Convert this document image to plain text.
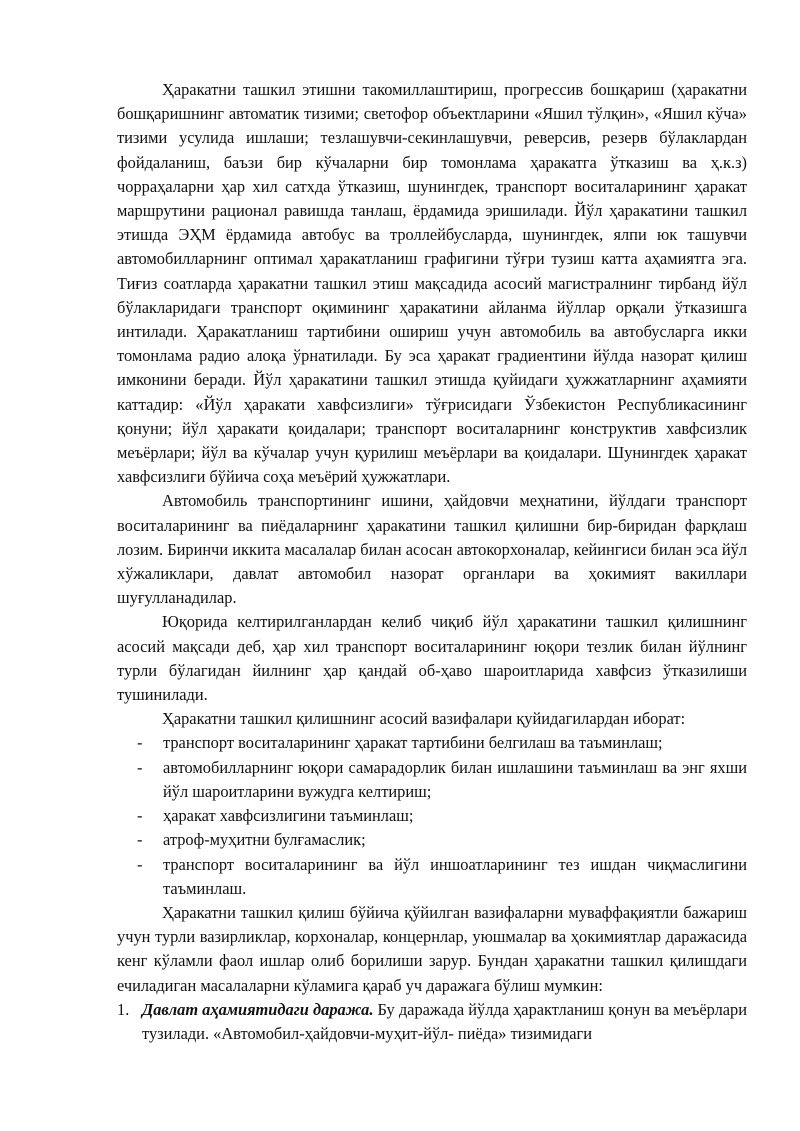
Ҳаракатни ташкил этишни такомиллаштириш, прогрессив бошқариш (ҳаракатни бошқаришнинг автоматик тизими; светофор объектларини «Яшил тўлқин», «Яшил кўча» тизими усулида ишлаши; тезлашувчи-секинлашувчи, реверсив, резерв бўлаклардан фойдаланиш, баъзи бир кўчаларни бир томонлама ҳаракатга ўтказиш ва ҳ.к.з) чорраҳаларни ҳар хил сатхда ўтказиш, шунингдек, транспорт воситаларининг ҳаракат маршрутини рационал равишда танлаш, ёрдамида эришилади. Йўл ҳаракатини ташкил этишда ЭҲМ ёрдамида автобус ва троллейбусларда, шунингдек, ялпи юк ташувчи автомобилларнинг оптимал ҳаракатланиш графигини тўғри тузиш катта аҳамиятга эга. Тиғиз соатларда ҳаракатни ташкил этиш мақсадида асосий магистралнинг тирбанд йўл бўлакларидаги транспорт оқимининг ҳаракатини айланма йўллар орқали ўтказишга интилади. Ҳаракатланиш тартибини ошириш учун автомобиль ва автобусларга икки томонлама радио алоқа ўрнатилади. Бу эса ҳаракат градиентини йўлда назорат қилиш имконини беради. Йўл ҳаракатини ташкил этишда қуйидаги ҳужжатларнинг аҳамияти каттадир: «Йўл ҳаракати хавфсизлиги» тўғрисидаги Ўзбекистон Республикасининг қонуни; йўл ҳаракати қоидалари; транспорт воситаларнинг конструктив хавфсизлик меъёрлари; йўл ва кўчалар учун қурилиш меъёрлари ва қоидалари. Шунингдек ҳаракат хавфсизлиги бўйича соҳа меъёрий ҳужжатлари.

Автомобиль транспортининг ишини, ҳайдовчи меҳнатини, йўлдаги транспорт воситаларининг ва пиёдаларнинг ҳаракатини ташкил қилишни бир-биридан фарқлаш лозим. Биринчи иккита масалалар билан асосан автокорхоналар, кейингиси билан эса йўл хўжаликлари, давлат автомобил назорат органлари ва ҳокимият вакиллари шуғулланадилар.

Юқорида келтирилганлардан келиб чиқиб йўл ҳаракатини ташкил қилишнинг асосий мақсади деб, ҳар хил транспорт воситаларининг юқори тезлик билан йўлнинг турли бўлагидан йилнинг ҳар қандай об-ҳаво шароитларида хавфсиз ўтказилиши тушинилади.

Ҳаракатни ташкил қилишнинг асосий вазифалари қуйидагилардан иборат:

- транспорт воситаларининг ҳаракат тартибини белгилаш ва таъминлаш;
- автомобилларнинг юқори самарадорлик билан ишлашини таъминлаш ва энг яхши йўл шароитларини вужудга келтириш;
- ҳаракат хавфсизлигини таъминлаш;
- атроф-муҳитни булғамаслик;
- транспорт воситаларининг ва йўл иншоатларининг тез ишдан чиқмаслигини таъминлаш.

Ҳаракатни ташкил қилиш бўйича қўйилган вазифаларни муваффақиятли бажариш учун турли вазирликлар, корхоналар, концернлар, уюшмалар ва ҳокимиятлар даражасида кенг кўламли фаол ишлар олиб борилиши зарур. Бундан ҳаракатни ташкил қилишдаги ечиладиган масалаларни кўламига қараб уч даражага бўлиш мумкин:

1. Давлат аҳамиятидаги даража. Бу даражада йўлда ҳарактланиш қонун ва меъёрлари тузилади. «Автомобил-ҳайдовчи-муҳит-йўл- пиёда» тизимидаги
